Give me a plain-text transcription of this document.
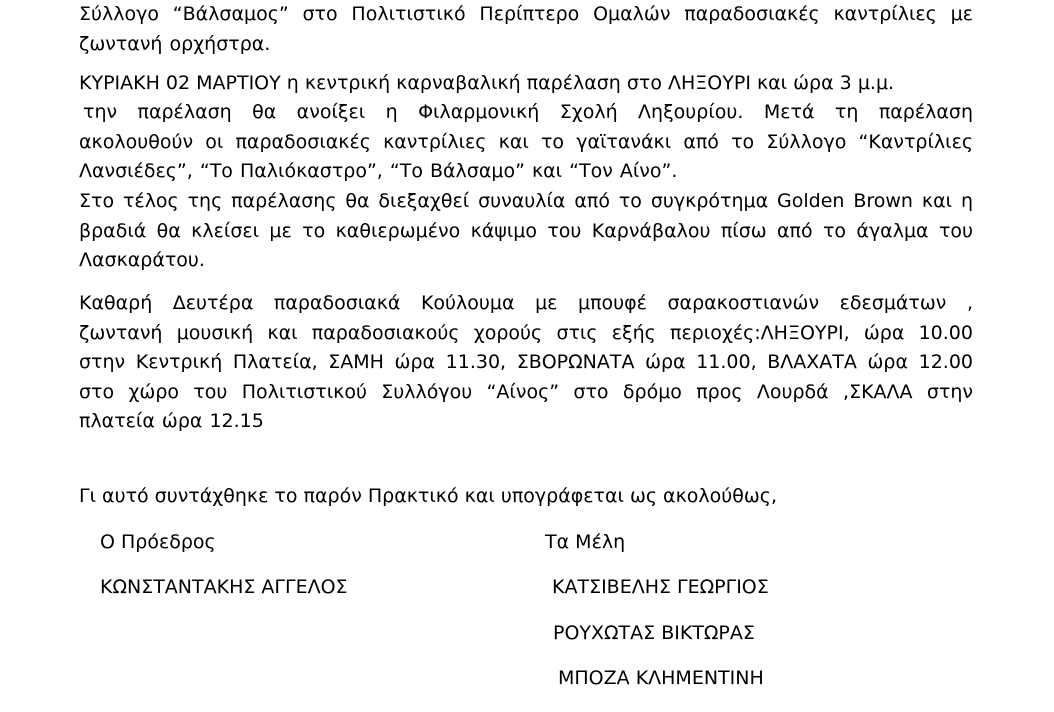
Σύλλογο “Βάλσαμος” στο Πολιτιστικό Περίπτερο Ομαλών παραδοσιακές καντρίλιες με
ζωντανή ορχήστρα.

ΚΥΡΙΑΚΗ 02 ΜΑΡΤΙΟΥ η κεντρική καρναβαλική παρέλαση στο ΛΗΞΟΥΡΙ και ώρα 3 μ.μ.

την παρέλαση θα ανοίξει η Φιλαρμονική Σχολή Ληξουρίου. Μετά τη παρέλαση
ακολουθούν οι παραδοσιακές καντρίλιες και το γαϊτανάκι από το Σύλλογο “Καντρίλιες
Λανσιέδες”, “Το Παλιόκαστρο”, “Το Βάλσαμο” και “Τον Αίνο”.
Στο τέλος της παρέλασης θα διεξαχθεί συναυλία από το συγκρότημα Golden Brown και η
βραδιά θα κλείσει με το καθιερωμένο κάψιμο του Καρνάβαλου πίσω από το άγαλμα του
Λασκαράτου.
Καθαρή Δευτέρα παραδοσιακά Κούλουμα με μπουφέ σαρακοστιανών εδεσμάτων ,
ζωντανή μουσική και παραδοσιακούς χορούς στις εξής περιοχές:ΛΗΞΟΥΡΙ, ώρα 10.00
στην Κεντρική Πλατεία, ΣΑΜΗ ώρα 11.30, ΣΒΟΡΩΝΑΤΑ ώρα 11.00, ΒΛΑΧΑΤΑ ώρα 12.00
στο χώρο του Πολιτιστικού Συλλόγου “Αίνος” στο δρόμο προς Λουρδά ,ΣΚΑΛΑ στην
πλατεία ώρα 12.15

Γι αυτό συντάχθηκε το παρόν Πρακτικό και υπογράφεται ως ακολούθως,

Ο Πρόεδρος	Τα Μέλη

ΚΩΝΣΤΑΝΤΑΚΗΣ ΑΓΓΕΛΟΣ	ΚΑΤΣΙΒΕΛΗΣ ΓΕΩΡΓΙΟΣ

ΡΟΥΧΩΤΑΣ ΒΙΚΤΩΡΑΣ

ΜΠΟΖΑ ΚΛΗΜΕΝΤΙΝΗ
